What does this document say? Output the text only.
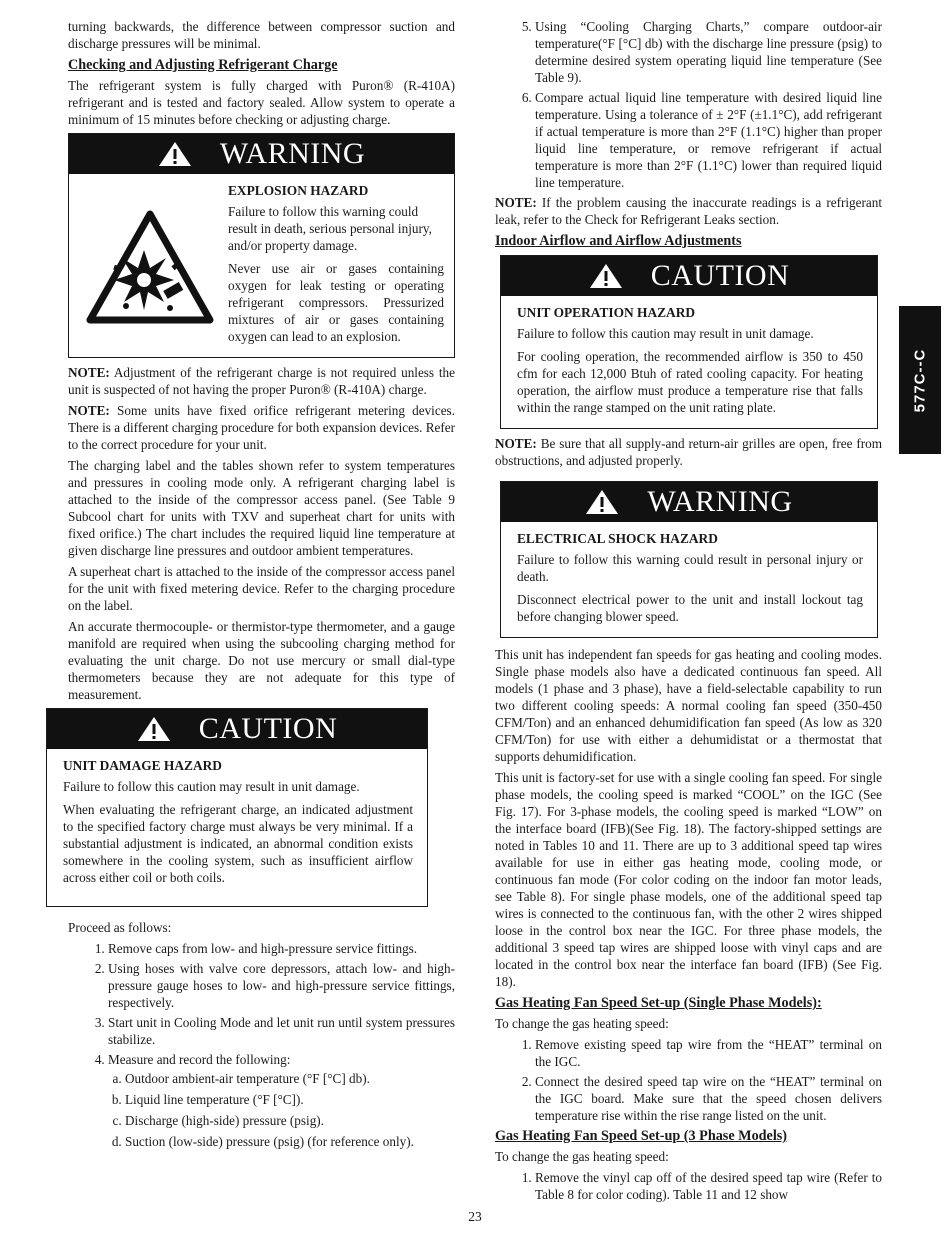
turning backwards, the difference between compressor suction and discharge pressures will be minimal.

Checking and Adjusting Refrigerant Charge

The refrigerant system is fully charged with Puron® (R-410A) refrigerant and is tested and factory sealed. Allow system to operate a minimum of 15 minutes before checking or adjusting charge.

WARNING
EXPLOSION HAZARD

Failure to follow this warning could result in death, serious personal injury, and/or property damage.

Never use air or gases containing oxygen for leak testing or operating refrigerant compressors. Pressurized mixtures of air or gases containing oxygen can lead to an explosion.

NOTE: Adjustment of the refrigerant charge is not required unless the unit is suspected of not having the proper Puron® (R-410A) charge.

NOTE: Some units have fixed orifice refrigerant metering devices. There is a different charging procedure for both expansion devices. Refer to the correct procedure for your unit.

The charging label and the tables shown refer to system temperatures and pressures in cooling mode only. A refrigerant charging label is attached to the inside of the compressor access panel. (See Table 9 Subcool chart for units with TXV and superheat chart for units with fixed orifice.) The chart includes the required liquid line temperature at given discharge line pressures and outdoor ambient temperatures.

A superheat chart is attached to the inside of the compressor access panel for the unit with fixed metering device. Refer to the charging procedure on the label.

An accurate thermocouple- or thermistor-type thermometer, and a gauge manifold are required when using the subcooling charging method for evaluating the unit charge. Do not use mercury or small dial-type thermometers because they are not adequate for this type of measurement.

CAUTION
UNIT DAMAGE HAZARD

Failure to follow this caution may result in unit damage.

When evaluating the refrigerant charge, an indicated adjustment to the specified factory charge must always be very minimal. If a substantial adjustment is indicated, an abnormal condition exists somewhere in the cooling system, such as insufficient airflow across either coil or both coils.

Proceed as follows:

1. Remove caps from low- and high-pressure service fittings.
2. Using hoses with valve core depressors, attach low- and high-pressure gauge hoses to low- and high-pressure service fittings, respectively.
3. Start unit in Cooling Mode and let unit run until system pressures stabilize.
4. Measure and record the following:
a. Outdoor ambient-air temperature (°F [°C] db).
b. Liquid line temperature (°F [°C]).
c. Discharge (high-side) pressure (psig).
d. Suction (low-side) pressure (psig) (for reference only).
5. Using “Cooling Charging Charts,” compare outdoor-air temperature(°F [°C] db) with the discharge line pressure (psig) to determine desired system operating liquid line temperature (See Table 9).
6. Compare actual liquid line temperature with desired liquid line temperature. Using a tolerance of ± 2°F (±1.1°C), add refrigerant if actual temperature is more than 2°F (1.1°C) higher than proper liquid line temperature, or remove refrigerant if actual temperature is more than 2°F (1.1°C) lower than required liquid line temperature.

NOTE: If the problem causing the inaccurate readings is a refrigerant leak, refer to the Check for Refrigerant Leaks section.

Indoor Airflow and Airflow Adjustments
CAUTION
UNIT OPERATION HAZARD

Failure to follow this caution may result in unit damage.

For cooling operation, the recommended airflow is 350 to 450 cfm for each 12,000 Btuh of rated cooling capacity. For heating operation, the airflow must produce a temperature rise that falls within the range stamped on the unit rating plate.

NOTE: Be sure that all supply-and return-air grilles are open, free from obstructions, and adjusted properly.

WARNING
ELECTRICAL SHOCK HAZARD

Failure to follow this warning could result in personal injury or death.

Disconnect electrical power to the unit and install lockout tag before changing blower speed.

This unit has independent fan speeds for gas heating and cooling modes. Single phase models also have a dedicated continuous fan speed. All models (1 phase and 3 phase), have a field-selectable capability to run two different cooling speeds: A normal cooling fan speed (350-450 CFM/Ton) and an enhanced dehumidification fan speed (As low as 320 CFM/Ton) for use with either a dehumidistat or a thermostat that supports dehumidification.

This unit is factory-set for use with a single cooling fan speed. For single phase models, the cooling speed is marked “COOL” on the IGC (See Fig. 17). For 3-phase models, the cooling speed is marked “LOW” on the interface board (IFB)(See Fig. 18). The factory-shipped settings are noted in Tables 10 and 11. There are up to 3 additional speed tap wires available for use in either gas heating mode, cooling mode, or continuous fan mode (For color coding on the indoor fan motor leads, see Table 8). For single phase models, one of the additional speed tap wires is connected to the continuous fan, with the other 2 wires shipped loose in the control box near the IGC. For three phase models, the additional 3 speed tap wires are shipped loose with vinyl caps and are located in the control box near the interface fan board (IFB) (See Fig. 18).

Gas Heating Fan Speed Set-up (Single Phase Models):

To change the gas heating speed:

1. Remove existing speed tap wire from the “HEAT” terminal on the IGC.
2. Connect the desired speed tap wire on the “HEAT” terminal on the IGC board. Make sure that the speed chosen delivers temperature rise within the rise range listed on the unit.
Gas Heating Fan Speed Set-up (3 Phase Models)

To change the gas heating speed:

1. Remove the vinyl cap off of the desired speed tap wire (Refer to Table 8 for color coding). Table 11 and 12 show
577C--C
23
